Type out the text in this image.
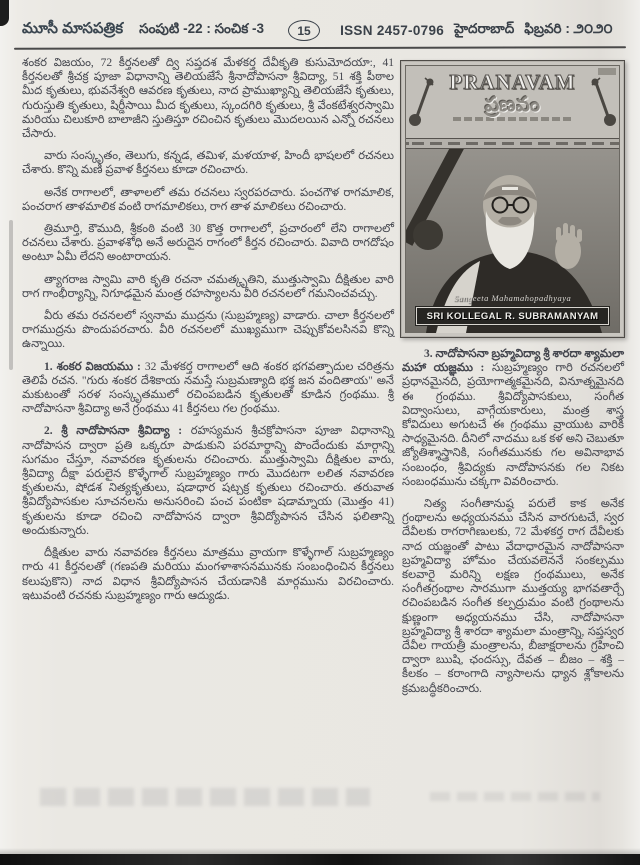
మూసీ మాసపత్రిక సంపుటి -22 : సంచిక -3	15	ISSN 2457-0796 హైదరాబాద్ ఫిబ్రవరి : ౨౦౨౦

శంకర విజయం, 72 కీర్తనలతో ద్వి సప్తదశ మేళకర్త దేవీకృతి కుసుమోదయా:, 41 కీర్తనలతో శ్రీచక్ర పూజా విధానాన్ని తెలియజేసే శ్రీనాదోపాసనా శ్రీవిద్యా, 51 శక్తి పీఠాల మీద కృతులు, భువనేశ్వరి ఆవరణ కృతులు, నాద ప్రాముఖ్యాన్ని తెలియజేసే కృతులు, గురుస్తుతి కృతులు, షిర్డీసాయి మీద కృతులు, స్కందగిరి కృతులు, శ్రీ వేంకటేశ్వరస్వామి మరియు చిలుకూరి బాలాజీని స్తుతిస్తూ రచించిన కృతులు మొదలయిన ఎన్నో రచనలు చేసారు.

వారు సంస్కృతం, తెలుగు, కన్నడ, తమిళ, మళయాళ, హిందీ భాషలలో రచనలు చేశారు. కొన్ని మణి ప్రవాళ కీర్తనలు కూడా రచించారు.

అనేక రాగాలలో, తాళాలలో తమ రచనలు స్వరపరచారు. పంచగౌళ రాగమాలిక, పంచరాగ తాళమాలిక వంటి రాగమాలికలు, రాగ తాళ మాలికలు రచించారు.

త్రిమూర్తి, కౌముది, శ్రీకంఠి వంటి 30 కొత్త రాగాలలో, ప్రచారంలో లేని రాగాలలో రచనలు చేశారు. ప్రవాళశోధి అనే అరుదైన రాగంలో కీర్తన రచించారు. వివాది రాగదోషం అంటూ ఏమీ లేదని అంటారాయన.

త్యాగరాజ స్వామి వారి కృతి రచనా చమత్కృతిని, ముత్తుస్వామి దీక్షితుల వారి రాగ గాంభీర్యాన్ని, నిగూఢమైన మంత్ర రహస్యాలను వీరి రచనలలో గమనించవచ్చు.

వీరు తమ రచనలలో స్వనామ ముద్రను (సుబ్రహ్మణ్య) వాడారు. చాలా కీర్తనలలో రాగముద్రను పొందుపరచారు. వీరి రచనలలో ముఖ్యముగా చెప్పుకోవలసినవి కొన్ని ఉన్నాయి.

1. శంకర విజయము : 32 మేళకర్త రాగాలలో ఆది శంకర భగవత్పాదుల చరిత్రను తెలిపే రచన. "గురు శంకర దేశికాయ నమస్తే సుబ్రమణ్యాది భక్త జన వందితాయ" అనే మకుటంతో సరళ సంస్కృతములో రచింపబడిన కృతులతో కూడిన గ్రంథము. శ్రీ నాదోపాసనా శ్రీవిద్యా అనే గ్రంథము 41 కీర్తనలు గల గ్రంథము.

2. శ్రీ నాదోపాసనా శ్రీవిద్యా : రహస్యమన శ్రీచక్రోపాసనా పూజా విధానాన్ని నాదోపాసన ద్వారా ప్రతి ఒక్కరూ పాడుకుని పరమార్థాన్ని పొందేందుకు మార్గాన్ని సుగమం చేస్తూ, నవావరణ కృతులను రచించారు. ముత్తుస్వామి దీక్షితుల వారు, శ్రీవిద్యా దీక్షా పరులైన కొళ్ళేగాల్ సుబ్రహ్మణ్యం గారు మొదటగా లలిత నవావరణ కృతులను, షోడశ నిత్యకృతులు, షడాధార షట్చక్ర కృతులు రచించారు. తరువాత శ్రీవిద్యోపాసకుల సూచనలను అనుసరించి పంచ పంటికా షడామ్నాయ (మొత్తం 41) కృతులను కూడా రచించి నాదోపాసన ద్వారా శ్రీవిద్యోపాసన చేసిన ఫలితాన్ని అందుకున్నారు.

దీక్షితుల వారు నవావరణ కీర్తనలు మాత్రము వ్రాయగా కొళ్ళేగాల్ సుబ్రహ్మణ్యం గారు 41 కీర్తనలతో (గణపతి మరియు మంగళాశాసనమునకు సంబంధించిన కీర్తనలు కలుపుకొని) నాద విధాన శ్రీవిద్యోపాసన చేయడానికి మార్గమును విరచించారు. ఇటువంటి రచనకు సుబ్రహ్మణ్యం గారు ఆద్యుడు.

PRANAVAM
ప్రణవం
Sangeeta Mahamahopadhyaya
SRI KOLLEGAL R. SUBRAMANYAM

3. నాదోపాసనా బ్రహ్మవిద్యా శ్రీ శారదా శ్యామలా మహా యజ్ఞము : సుబ్రహ్మణ్యం గారి రచనలలో ప్రధానమైనది, ప్రయోగాత్మకమైనది, వినూత్నమైనది ఈ గ్రంథము. శ్రీవిద్యోపాసకులు, సంగీత విద్వాంసులు, వాగ్గేయకారులు, మంత్ర శాస్త్ర కోవిదులు అగుటచే ఈ గ్రంథము వ్రాయుట వారికి సాధ్యమైనది. దీనిలో నాదము ఒక కళ అని చెబుతూ జ్యోతిశ్శాస్త్రానికి, సంగీతమునకు గల అవినాభావ సంబంధం, శ్రీవిద్యకు నాదోపాసనకు గల నికట సంబంధమును చక్కగా వివరించారు.

నిత్య సంగీతానుష్ఠ పరులే కాక అనేక గ్రంథాలను అధ్యయనము చేసిన వారగుటచే, స్వర దేవీలకు రాగరాగిణులకు, 72 మేళకర్త రాగ దేవీలకు నాద యజ్ఞంతో పాటు వేదాధారమైన నాదోపాసనా బ్రహ్మవిద్యా హోమం చేయవలెననే సంకల్పము కలవారై మరిన్ని లక్షణ గ్రంథములు, అనేక సంగీతగ్రంథాల సారముగా ముత్తయ్య భాగవతార్చే రచింపబడిన సంగీత కల్పద్రుమం వంటి గ్రంథాలను క్షుణ్ణంగా అధ్యయనము చేసి, నాదోపాసనా బ్రహ్మవిద్యా శ్రీ శారదా శ్యామలా మంత్రాన్ని, సప్తస్వర దేవీల గాయత్రీ మంత్రాలను, బీజాక్షరాలను గ్రహించి ద్వారా ఋషి, ఛందస్సు, దేవత – బీజం – శక్తి – కీలకం – కరాంగాది న్యాసాలను ధ్యాన శ్లోకాలను క్రమబద్ధీకరించారు.
